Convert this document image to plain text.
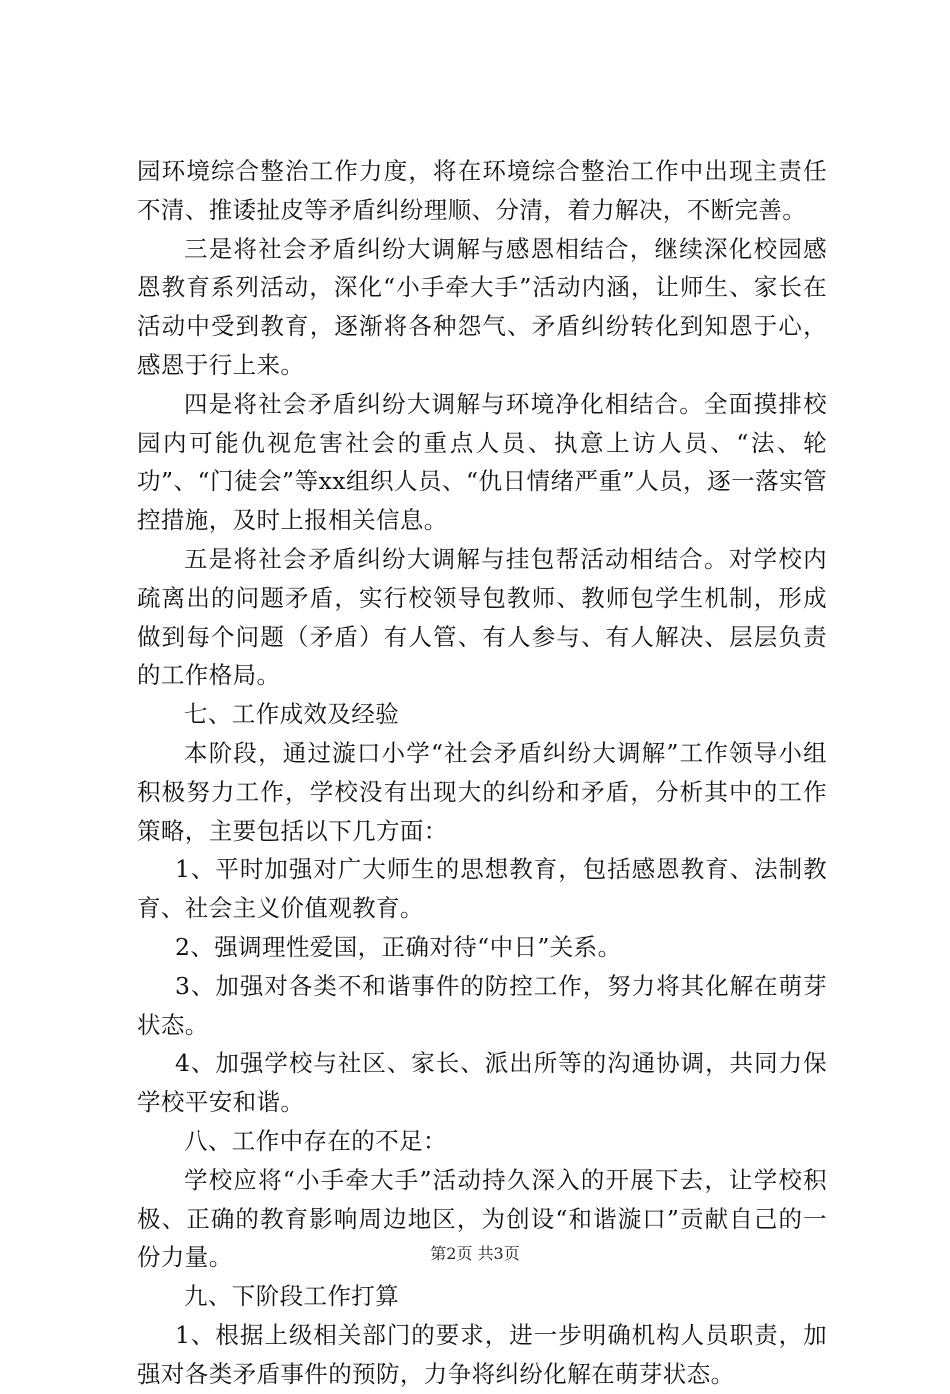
园环境综合整治工作力度，将在环境综合整治工作中出现主责任不清、推诿扯皮等矛盾纠纷理顺、分清，着力解决，不断完善。

三是将社会矛盾纠纷大调解与感恩相结合，继续深化校园感恩教育系列活动，深化“小手牵大手”活动内涵，让师生、家长在活动中受到教育，逐渐将各种怨气、矛盾纠纷转化到知恩于心，感恩于行上来。

四是将社会矛盾纠纷大调解与环境净化相结合。全面摸排校园内可能仇视危害社会的重点人员、执意上访人员、“法、轮功”、“门徒会”等xx组织人员、“仇日情绪严重”人员，逐一落实管控措施，及时上报相关信息。

五是将社会矛盾纠纷大调解与挂包帮活动相结合。对学校内疏离出的问题矛盾，实行校领导包教师、教师包学生机制，形成做到每个问题（矛盾）有人管、有人参与、有人解决、层层负责的工作格局。

七、工作成效及经验

本阶段，通过漩口小学“社会矛盾纠纷大调解”工作领导小组积极努力工作，学校没有出现大的纠纷和矛盾，分析其中的工作策略，主要包括以下几方面：

1、平时加强对广大师生的思想教育，包括感恩教育、法制教育、社会主义价值观教育。

2、强调理性爱国，正确对待“中日”关系。

3、加强对各类不和谐事件的防控工作，努力将其化解在萌芽状态。

4、加强学校与社区、家长、派出所等的沟通协调，共同力保学校平安和谐。

八、工作中存在的不足：

学校应将“小手牵大手”活动持久深入的开展下去，让学校积极、正确的教育影响周边地区，为创设“和谐漩口”贡献自己的一份力量。

九、下阶段工作打算

1、根据上级相关部门的要求，进一步明确机构人员职责，加强对各类矛盾事件的预防，力争将纠纷化解在萌芽状态。

第2页 共3页
